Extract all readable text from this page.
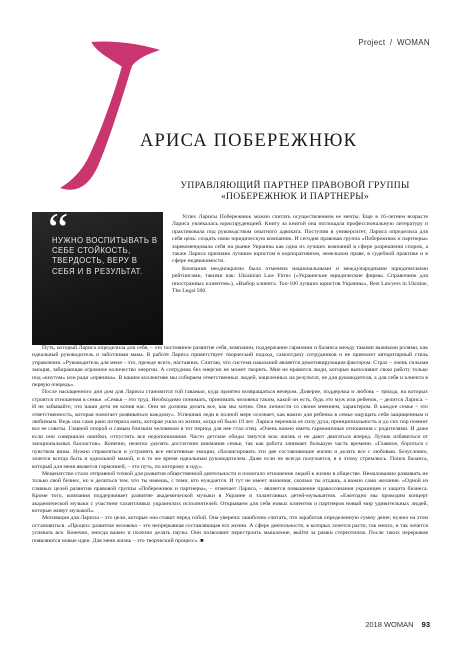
Project / WOMAN
Л
АРИСА ПОБЕРЕЖНЮК
УПРАВЛЯЮЩИЙ ПАРТНЕР ПРАВОВОЙ ГРУППЫ
«ПОБЕРЕЖНЮК И ПАРТНЕРЫ»
“
НУЖНО ВОСПИТЫВАТЬ В СЕБЕ СТОЙКОСТЬ, ТВЕРДОСТЬ, ВЕРУ В СЕБЯ И В РЕЗУЛЬТАТ.

Успех Ларисы Побережнюк можно считать осуществлением ее мечты. Еще в 16-летнем возрасте Лариса увлекалась юриспруденцией. Книгу за книгой она поглощала профессиональную литературу и практиковала под руководством опытного адвоката. Поступив в университет, Лариса определила для себя цель: создать свою юридическую компанию. И сегодня правовая группа «Побережнюк и партнеры» зарекомендовала себя на рынке Украины как одна из лучших компаний в сфере разрешения споров, а также Лариса признана лучшим юристом в корпоративном, земельном праве, в судебной практике и в сфере недвижимости.

Компания неоднократно была отмечена национальными и международными юридическими рейтингами, такими как: Ukrainian Law Firms («Украинские юридические фирмы. Справочник для иностранных клиентов»), «Выбор клиента. Топ-100 лучших юристов Украины», Best Lawyers in Ukraine, The Legal 500.

Путь, который Лариса определила для себя, – это постоянное развитие себя, компании, поддержание гармонии и баланса между такими важными ролями, как идеальный руководитель и заботливая мама. В работе Лариса приветствует творческий подход, самоотдачу сотрудников и не приемлет авторитарный стиль управления. «Руководитель для меня – это, прежде всего, наставник. Считаю, что система наказаний является демотивирующим фактором. Страх – очень сильная эмоция, забирающая огромное количество энергии. А сотрудник без энергии не может творить. Мне не нравится люди, которые выполняют свою работу только под «кнутом» или ради «пряника». В нашем коллективе мы собираем ответственных людей, нацеленных на результат, не для руководителя, а для себя и клиента в первую очередь».

После насыщенного дня дом для Ларисы становится той гаванью, куда приятно возвращаться вечером. Доверие, поддержка и любовь – триада, на которых строятся отношения в семье. «Семья – это труд. Необходимо понимать, принимать человека таким, какой он есть, будь это муж или ребенок, – делится Лариса. – И не забывайте, что наши дети не копия нас. Они не должны делать все, как мы хотим. Они личности со своим мнением, характером. В каждое семье – это ответственность, которая помогает развиваться каждому». Успешная леди в полной мере осознает, как важно для ребенка в семье ощущать себя защищенным и любимым. Ведь она сама рано потеряла мать, которая ушла из жизни, когда ей было 19 лет. Лариса переняла ее силу духа, принципиальность и до сих пор помнит все ее советы. Главной опорой и самым близким человеком в тот период для нее стал отец. «Очень важно иметь гармоничные отношения с родителями. И даже если они совершили ошибки, отпустить все недопонимания. Часто детские обиды тянутся всю жизнь и не дают двигаться вперед. Лучше избавиться от эмоциональных балластов». Конечно, нелегко уделять достаточно внимания семье, так как работа занимает большую часть времени. «Главное, бороться с чувством вины. Нужно справляться и устранять все негативные эмоции, сбалансировать эти две составляющие жизни и делать все с любовью. Безусловно, хочется всегда быть и идеальной мамой, и в то же время идеальным руководителем. Даже если не всегда получается, я к этому стремлюсь. Поиск баланса, который для меня является гармонией, – это путь, по которому я иду».

Меценатство стало отправной точкой для развития общественной деятельности и помогало отношение людей к жизни в обществе. Немаловажно развивать не только свой бизнес, но и делиться тем, что ты имеешь, с теми, кто нуждается. И тут не имеет значения, сколько ты отдашь, а важно само желание. «Одной из главных целей развития правовой группы «Побережнюк и партнеры», – отмечает Лариса, – является повышение правосознания украинцев и защита бизнеса. Кроме того, компания поддерживает развитие академической музыки в Украине и талантливых детей-музыкантов. «Ежегодно мы проводим концерт академической музыки с участием талантливых украинских исполнителей. Открываем для себя новых клиентов и партнеров новый мир удивительных людей, которые живут музыкой».

Мотивация для Ларисы – это цели, которые она ставит перед собой. Она уверена: ошибочно считать, что заработав определенную сумму денег, нужно на этом остановиться. «Процесс развития человека – это непрерывная составляющая его жизни. А сфере деятельности, в которых хочется расти, так много, и так хочется успевать все. Конечно, иногда важно и полезно делать паузы. Они позволяют перестроить мышление, выйти за рамки стереотипов. После таких перерывов появляются новые идеи. Для меня жизнь – это творческий процесс». ■

2018 WOMAN 93
